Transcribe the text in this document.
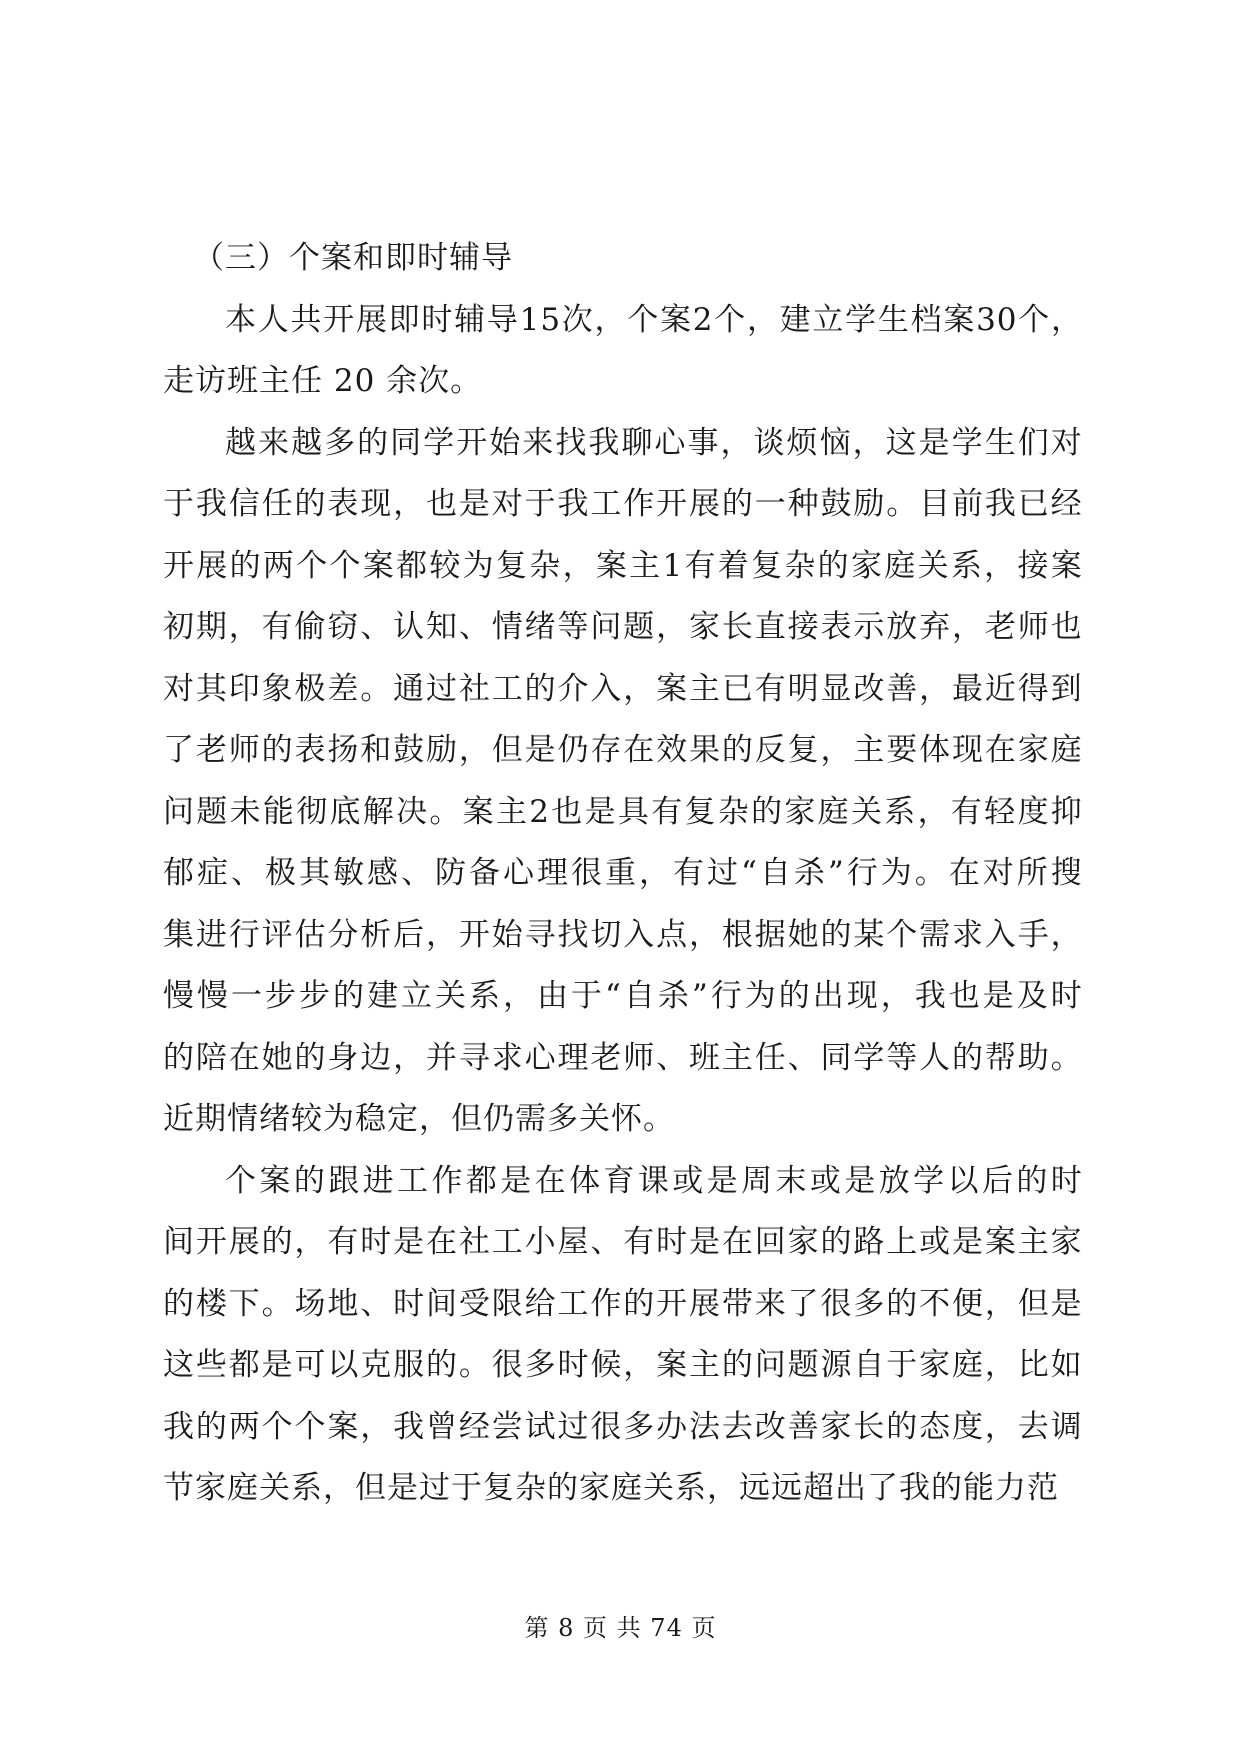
（三）个案和即时辅导
本 人 共 开 展 即 时 辅 导 15 次 ， 个 案 2 个 ， 建 立 学 生 档 案 30 个 ，
走访班主任 20 余次。
越 来 越 多 的 同 学 开 始 来 找 我 聊 心 事 ， 谈 烦 恼 ， 这 是 学 生 们 对
于 我 信 任 的 表 现 ， 也 是 对 于 我 工 作 开 展 的 一 种 鼓 励 。 目 前 我 已 经
开 展 的 两 个 个 案 都 较 为 复 杂 ， 案 主 1 有 着 复 杂 的 家 庭 关 系 ， 接 案
初 期 ， 有 偷 窃 、 认 知 、 情 绪 等 问 题 ， 家 长 直 接 表 示 放 弃 ， 老 师 也
对 其 印 象 极 差 。 通 过 社 工 的 介 入 ， 案 主 已 有 明 显 改 善 ， 最 近 得 到
了 老 师 的 表 扬 和 鼓 励 ， 但 是 仍 存 在 效 果 的 反 复 ， 主 要 体 现 在 家 庭
问 题 未 能 彻 底 解 决 。 案 主 2 也 是 具 有 复 杂 的 家 庭 关 系 ， 有 轻 度 抑
郁 症 、 极 其 敏 感 、 防 备 心 理 很 重 ， 有 过 “ 自 杀 ” 行 为 。 在 对 所 搜
集 进 行 评 估 分 析 后 ， 开 始 寻 找 切 入 点 ， 根 据 她 的 某 个 需 求 入 手 ，
慢 慢 一 步 步 的 建 立 关 系 ， 由 于 “ 自 杀 ” 行 为 的 出 现 ， 我 也 是 及 时
的 陪 在 她 的 身 边 ， 并 寻 求 心 理 老 师 、 班 主 任 、 同 学 等 人 的 帮 助 。
近期情绪较为稳定，但仍需多关怀。
个 案 的 跟 进 工 作 都 是 在 体 育 课 或 是 周 末 或 是 放 学 以 后 的 时
间 开 展 的 ， 有 时 是 在 社 工 小 屋 、 有 时 是 在 回 家 的 路 上 或 是 案 主 家
的 楼 下 。 场 地 、 时 间 受 限 给 工 作 的 开 展 带 来 了 很 多 的 不 便 ， 但 是
这 些 都 是 可 以 克 服 的 。 很 多 时 候 ， 案 主 的 问 题 源 自 于 家 庭 ， 比 如
我 的 两 个 个 案 ， 我 曾 经 尝 试 过 很 多 办 法 去 改 善 家 长 的 态 度 ， 去 调
节家庭关系，但是过于复杂的家庭关系，远远超出了我的能力范
第 8 页 共 74 页
